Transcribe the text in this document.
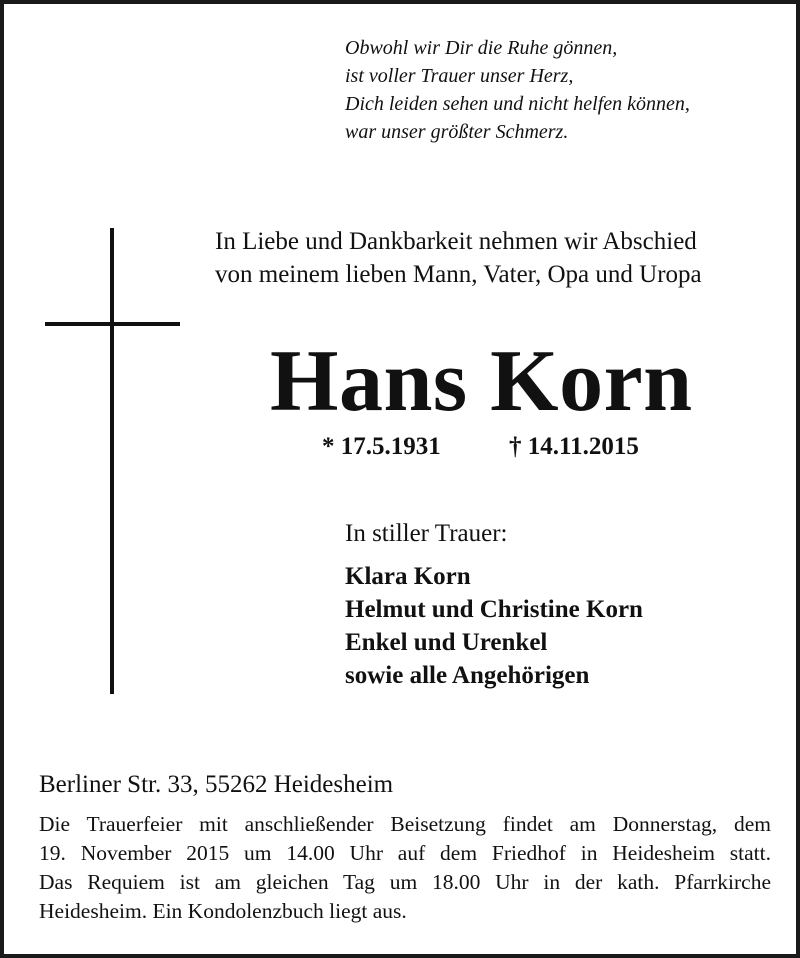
Obwohl wir Dir die Ruhe gönnen,
ist voller Trauer unser Herz,
Dich leiden sehen und nicht helfen können,
war unser größter Schmerz.
In Liebe und Dankbarkeit nehmen wir Abschied
von meinem lieben Mann, Vater, Opa und Uropa
Hans Korn
* 17.5.1931	† 14.11.2015
In stiller Trauer:
Klara Korn
Helmut und Christine Korn
Enkel und Urenkel
sowie alle Angehörigen
Berliner Str. 33, 55262 Heidesheim
Die Trauerfeier mit anschließender Beisetzung findet am Donnerstag, dem
19. November 2015 um 14.00 Uhr auf dem Friedhof in Heidesheim statt.
Das Requiem ist am gleichen Tag um 18.00 Uhr in der kath. Pfarrkirche
Heidesheim. Ein Kondolenzbuch liegt aus.
